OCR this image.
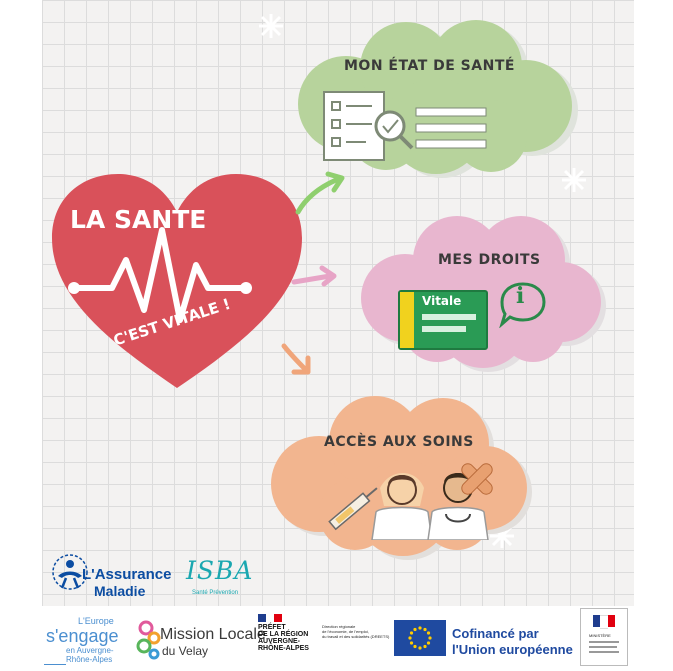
LA SANTE
C'EST VITALE !
MON ÉTAT DE SANTÉ
MES DROITS
Vitale i
ACCÈS AUX SOINS
L'Assurance
Maladie
ISBA
Santé Prévention
L'Europe
s'engage
en Auvergne-
Rhône-Alpes
Mission Locale
du Velay
PRÉFET
DE LA RÉGION
AUVERGNE-
RHÔNE-ALPES
Direction régionale
de l'économie, de l'emploi,
du travail et des solidarités (DREETS)	Cofinancé par
l'Union européenne
MINISTÈRE
